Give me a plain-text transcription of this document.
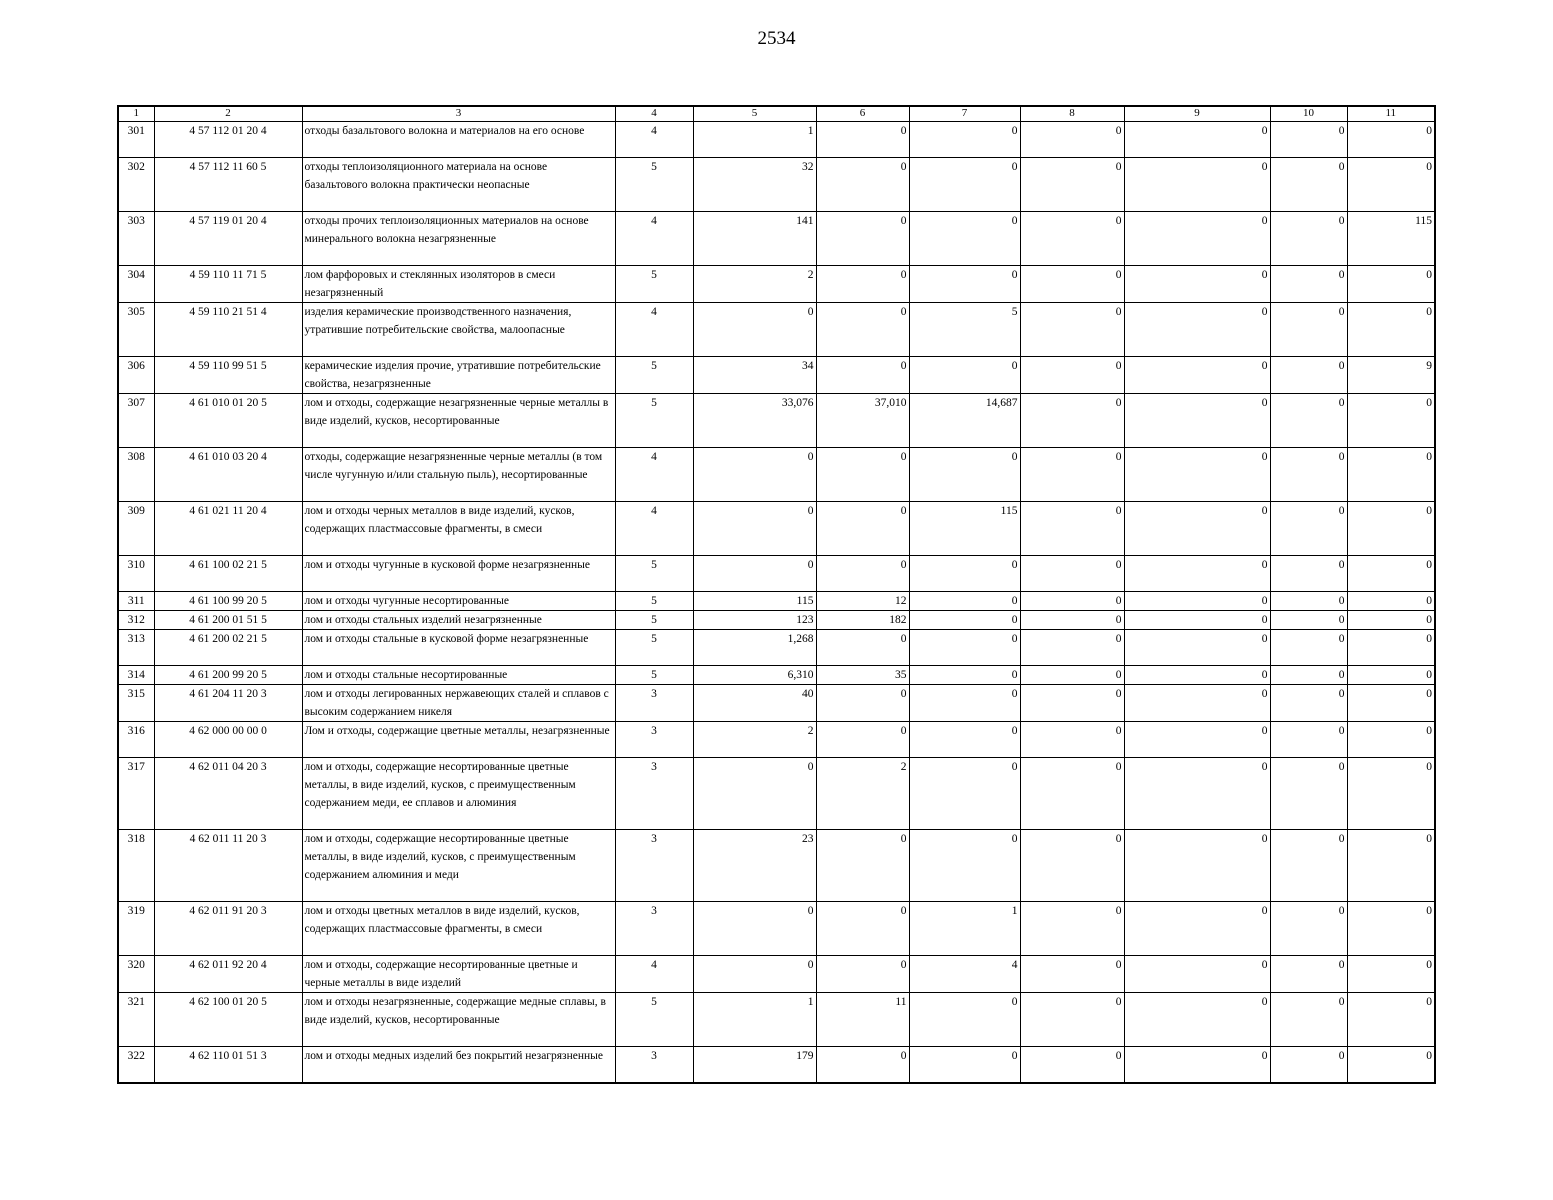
2534
1	2	3	4	5	6	7	8	9	10	11
301	4 57 112 01 20 4	отходы базальтового волокна и материалов на его основе	4	1	0	0	0	0	0	0
302	4 57 112 11 60 5	отходы теплоизоляционного материала на основе базальтового волокна практически неопасные	5	32	0	0	0	0	0	0
303	4 57 119 01 20 4	отходы прочих теплоизоляционных материалов на основе минерального волокна незагрязненные	4	141	0	0	0	0	0	115
304	4 59 110 11 71 5	лом фарфоровых и стеклянных изоляторов в смеси незагрязненный	5	2	0	0	0	0	0	0
305	4 59 110 21 51 4	изделия керамические производственного назначения, утратившие потребительские свойства, малоопасные	4	0	0	5	0	0	0	0
306	4 59 110 99 51 5	керамические изделия прочие, утратившие потребительские свойства, незагрязненные	5	34	0	0	0	0	0	9
307	4 61 010 01 20 5	лом и отходы, содержащие незагрязненные черные металлы в виде изделий, кусков, несортированные	5	33,076	37,010	14,687	0	0	0	0
308	4 61 010 03 20 4	отходы, содержащие незагрязненные черные металлы (в том числе чугунную и/или стальную пыль), несортированные	4	0	0	0	0	0	0	0
309	4 61 021 11 20 4	лом и отходы черных металлов в виде изделий, кусков, содержащих пластмассовые фрагменты, в смеси	4	0	0	115	0	0	0	0
310	4 61 100 02 21 5	лом и отходы чугунные в кусковой форме незагрязненные	5	0	0	0	0	0	0	0
311	4 61 100 99 20 5	лом и отходы чугунные несортированные	5	115	12	0	0	0	0	0
312	4 61 200 01 51 5	лом и отходы стальных изделий незагрязненные	5	123	182	0	0	0	0	0
313	4 61 200 02 21 5	лом и отходы стальные в кусковой форме незагрязненные	5	1,268	0	0	0	0	0	0
314	4 61 200 99 20 5	лом и отходы стальные несортированные	5	6,310	35	0	0	0	0	0
315	4 61 204 11 20 3	лом и отходы легированных нержавеющих сталей и сплавов с высоким содержанием никеля	3	40	0	0	0	0	0	0
316	4 62 000 00 00 0	Лом и отходы, содержащие цветные металлы, незагрязненные	3	2	0	0	0	0	0	0
317	4 62 011 04 20 3	лом и отходы, содержащие несортированные цветные металлы, в виде изделий, кусков, с преимущественным содержанием меди, ее сплавов и алюминия	3	0	2	0	0	0	0	0
318	4 62 011 11 20 3	лом и отходы, содержащие несортированные цветные металлы, в виде изделий, кусков, с преимущественным содержанием алюминия и меди	3	23	0	0	0	0	0	0
319	4 62 011 91 20 3	лом и отходы цветных металлов в виде изделий, кусков, содержащих пластмассовые фрагменты, в смеси	3	0	0	1	0	0	0	0
320	4 62 011 92 20 4	лом и отходы, содержащие несортированные цветные и черные металлы в виде изделий	4	0	0	4	0	0	0	0
321	4 62 100 01 20 5	лом и отходы незагрязненные, содержащие медные сплавы, в виде изделий, кусков, несортированные	5	1	11	0	0	0	0	0
322	4 62 110 01 51 3	лом и отходы медных изделий без покрытий незагрязненные	3	179	0	0	0	0	0	0
